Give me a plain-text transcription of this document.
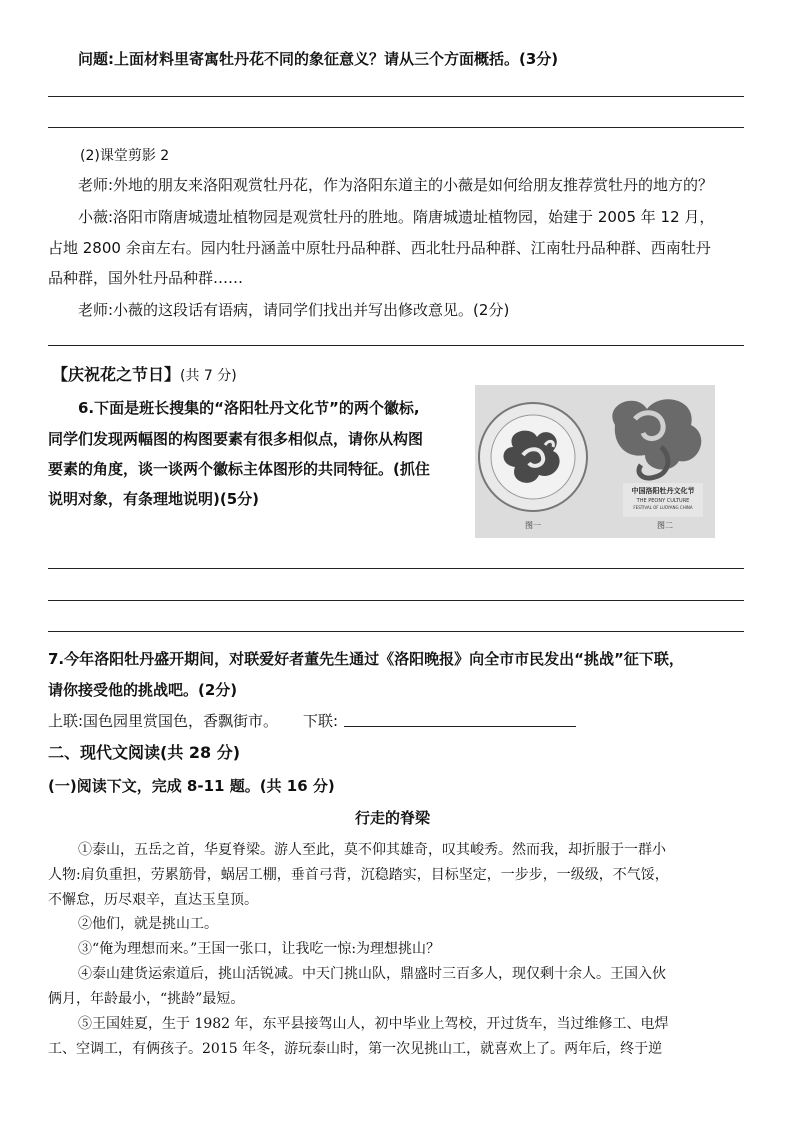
问题:上面材料里寄寓牡丹花不同的象征意义？请从三个方面概括。(3分)
(2)课堂剪影 2
老师:外地的朋友来洛阳观赏牡丹花，作为洛阳东道主的小薇是如何给朋友推荐赏牡丹的地方的？
小薇:洛阳市隋唐城遗址植物园是观赏牡丹的胜地。隋唐城遗址植物园，始建于 2005 年 12 月，
占地 2800 余亩左右。园内牡丹涵盖中原牡丹品种群、西北牡丹品种群、江南牡丹品种群、西南牡丹
品种群，国外牡丹品种群……
老师:小薇的这段话有语病，请同学们找出并写出修改意见。(2分)
【庆祝花之节日】(共 7 分)
6.下面是班长搜集的“洛阳牡丹文化节”的两个徽标,
同学们发现两幅图的构图要素有很多相似点，请你从构图
要素的角度，谈一谈两个徽标主体图形的共同特征。(抓住
说明对象，有条理地说明)(5分)	中国洛阳牡丹文化节
THE PEONY CULTURE
FESTIVAL OF LUOYANG CHINA
图一	图二
7.今年洛阳牡丹盛开期间，对联爱好者董先生通过《洛阳晚报》向全市市民发出“挑战”征下联，
请你接受他的挑战吧。(2分)
上联:国色园里赏国色，香飘街市。 下联:
二、现代文阅读(共 28 分)
(一)阅读下文，完成 8-11 题。(共 16 分)
行走的脊梁
①泰山，五岳之首，华夏脊梁。游人至此，莫不仰其雄奇，叹其峻秀。然而我，却折服于一群小
人物:肩负重担，劳累筋骨，蜗居工棚，垂首弓背，沉稳踏实，目标坚定，一步步，一级级，不气馁，
不懈怠，历尽艰辛，直达玉皇顶。
②他们，就是挑山工。
③“俺为理想而来。”王国一张口，让我吃一惊:为理想挑山？
④泰山建货运索道后，挑山活锐减。中天门挑山队，鼎盛时三百多人，现仅剩十余人。王国入伙
俩月，年龄最小，“挑龄”最短。
⑤王国娃夏，生于 1982 年，东平县接驾山人，初中毕业上驾校，开过货车，当过维修工、电焊
工、空调工，有俩孩子。2015 年冬，游玩泰山时，第一次见挑山工，就喜欢上了。两年后，终于逆
